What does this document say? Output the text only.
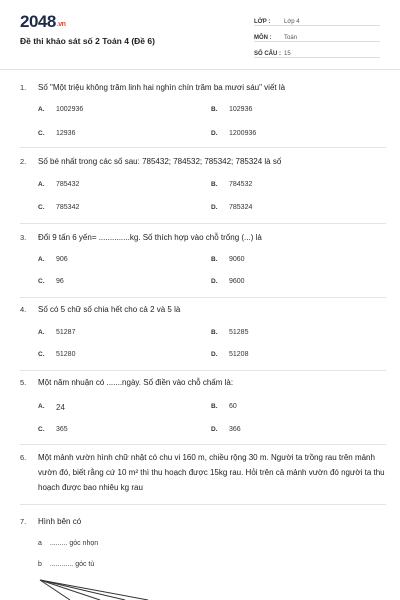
2048.vn
Đề thi khảo sát số 2 Toán 4 (Đề 6)
LỚP :	Lớp 4
MÔN :	Toán
SỐ CÂU : 15
1.	Số "Một triệu không trăm linh hai nghìn chín trăm ba mươi sáu" viết là
A.	1002936	B.	102936
C.	12936	D.	1200936
2.	Số bé nhất trong các số sau: 785432; 784532; 785342; 785324 là số
A.	785432	B.	784532
C.	785342	D.	785324
3.	Đổi 9 tấn 6 yến= ..............kg. Số thích hợp vào chỗ trống (...) là
A.	906	B.	9060
C.	96	D.	9600
4.	Số có 5 chữ số chia hết cho cả 2 và 5 là
A.	51287	B.	51285
C.	51280	D.	51208
5.	Một năm nhuận có .......ngày. Số điền vào chỗ chấm là:
A.	24	B.	60
C.	365	D.	366
6.	Một mảnh vườn hình chữ nhật có chu vi 160 m, chiều rộng 30 m. Người ta trồng rau trên mảnh vườn đó, biết rằng cứ 10 m² thì thu hoạch được 15kg rau. Hỏi trên cả mảnh vườn đó người ta thu hoạch được bao nhiêu kg rau
7.	Hình bên có
a ......... góc nhọn
b ............ góc tù
